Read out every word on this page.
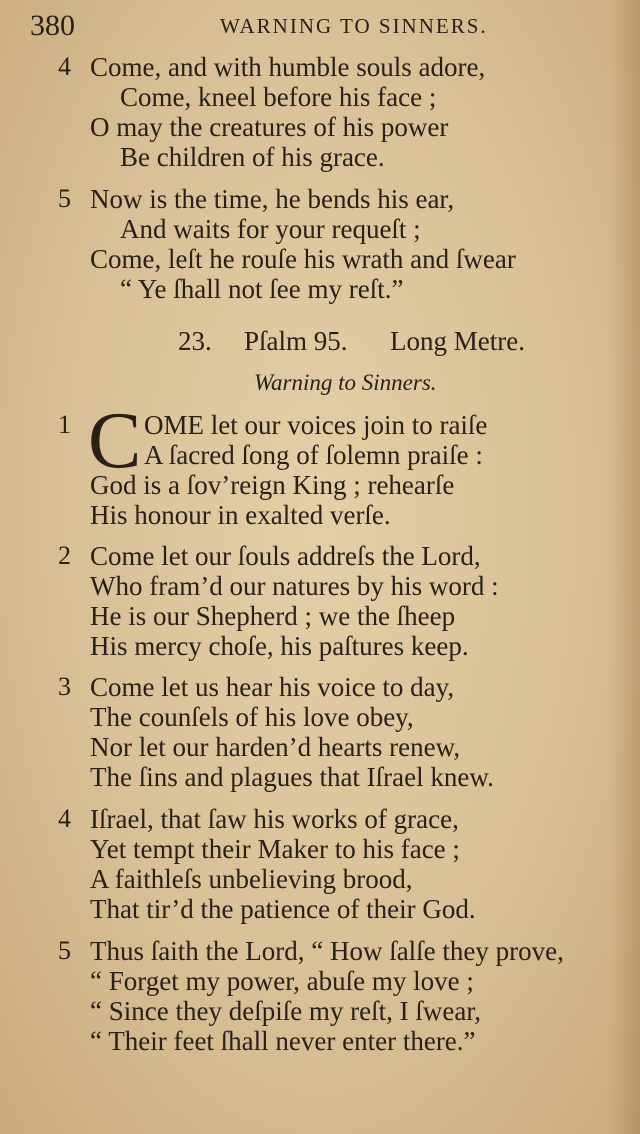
380	WARNING TO SINNERS.
4 Come, and with humble souls adore,
Come, kneel before his face ;
O may the creatures of his power
Be children of his grace.
5 Now is the time, he bends his ear,
And waits for your requeſt ;
Come, leſt he rouſe his wrath and ſwear
“ Ye ſhall not ſee my reſt.”
23. Pſalm 95. Long Metre.
Warning to Sinners.
C
1	OME let our voices join to raiſe
A ſacred ſong of ſolemn praiſe :
God is a ſov’reign King ; rehearſe
His honour in exalted verſe.
2 Come let our ſouls addreſs the Lord,
Who fram’d our natures by his word :
He is our Shepherd ; we the ſheep
His mercy choſe, his paſtures keep.
3 Come let us hear his voice to day,
The counſels of his love obey,
Nor let our harden’d hearts renew,
The ſins and plagues that Iſrael knew.
4 Iſrael, that ſaw his works of grace,
Yet tempt their Maker to his face ;
A faithleſs unbelieving brood,
That tir’d the patience of their God.
5 Thus ſaith the Lord, “ How ſalſe they prove,
“ Forget my power, abuſe my love ;
“ Since they deſpiſe my reſt, I ſwear,
“ Their feet ſhall never enter there.”
